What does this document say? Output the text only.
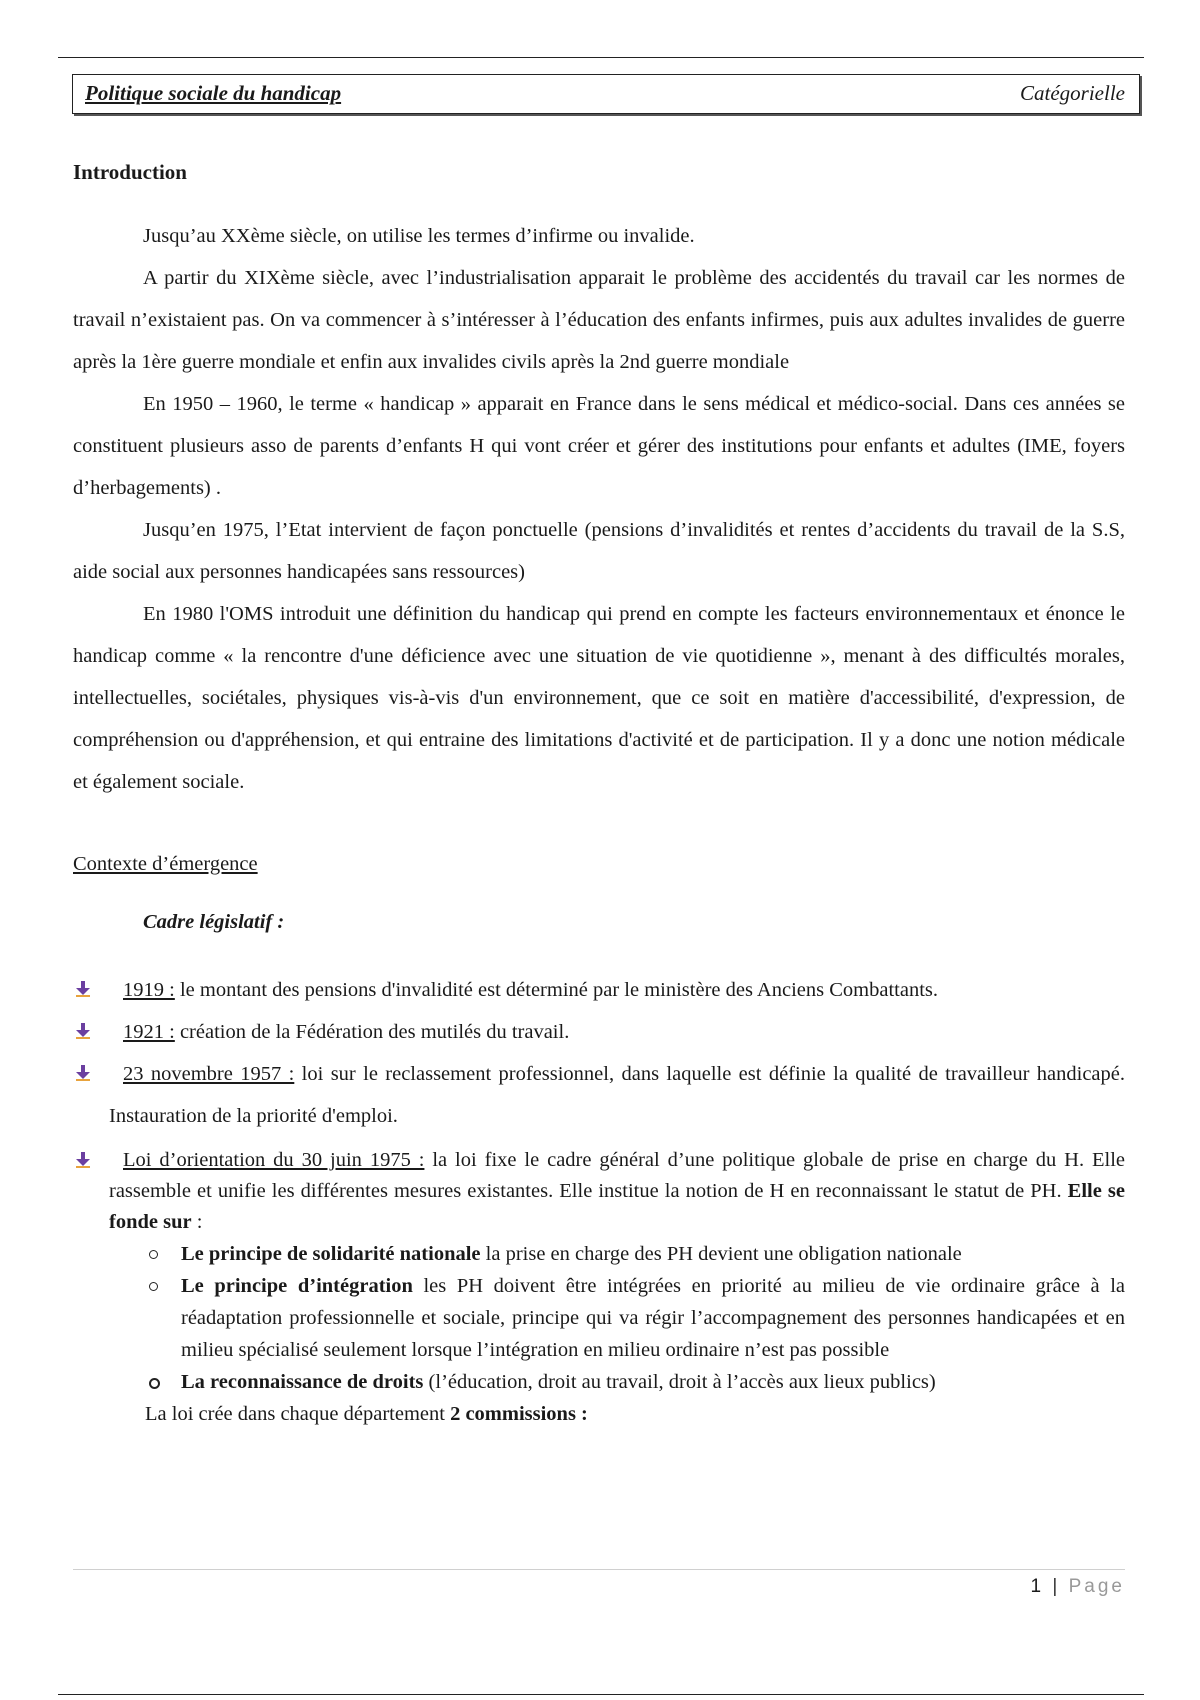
Politique sociale du handicap	Catégorielle
Introduction

Jusqu’au XXème siècle, on utilise les termes d’infirme ou invalide.

A partir du XIXème siècle, avec l’industrialisation apparait le problème des accidentés du travail car les normes de travail n’existaient pas. On va commencer à s’intéresser à l’éducation des enfants infirmes, puis aux adultes invalides de guerre après la 1ère guerre mondiale et enfin aux invalides civils après la 2nd guerre mondiale

En 1950 – 1960, le terme « handicap » apparait en France dans le sens médical et médico-social. Dans ces années se constituent plusieurs asso de parents d’enfants H qui vont créer et gérer des institutions pour enfants et adultes (IME, foyers d’herbagements) .

Jusqu’en 1975, l’Etat intervient de façon ponctuelle (pensions d’invalidités et rentes d’accidents du travail de la S.S, aide social aux personnes handicapées sans ressources)

En 1980 l'OMS introduit une définition du handicap qui prend en compte les facteurs environnementaux et énonce le handicap comme « la rencontre d'une déficience avec une situation de vie quotidienne », menant à des difficultés morales, intellectuelles, sociétales, physiques vis-à-vis d'un environnement, que ce soit en matière d'accessibilité, d'expression, de compréhension ou d'appréhension, et qui entraine des limitations d'activité et de participation. Il y a donc une notion médicale et également sociale.

Contexte d’émergence
Cadre législatif :
1919 : le montant des pensions d'invalidité est déterminé par le ministère des Anciens Combattants.
1921 : création de la Fédération des mutilés du travail.
23 novembre 1957 : loi sur le reclassement professionnel, dans laquelle est définie la qualité de travailleur handicapé. Instauration de la priorité d'emploi.
Loi d’orientation du 30 juin 1975 : la loi fixe le cadre général d’une politique globale de prise en charge du H. Elle rassemble et unifie les différentes mesures existantes. Elle institue la notion de H en reconnaissant le statut de PH. Elle se fonde sur :
Le principe de solidarité nationale la prise en charge des PH devient une obligation nationale
Le principe d’intégration les PH doivent être intégrées en priorité au milieu de vie ordinaire grâce à la réadaptation professionnelle et sociale, principe qui va régir l’accompagnement des personnes handicapées et en milieu spécialisé seulement lorsque l’intégration en milieu ordinaire n’est pas possible
La reconnaissance de droits (l’éducation, droit au travail, droit à l’accès aux lieux publics)

La loi crée dans chaque département 2 commissions :

1 | Page
